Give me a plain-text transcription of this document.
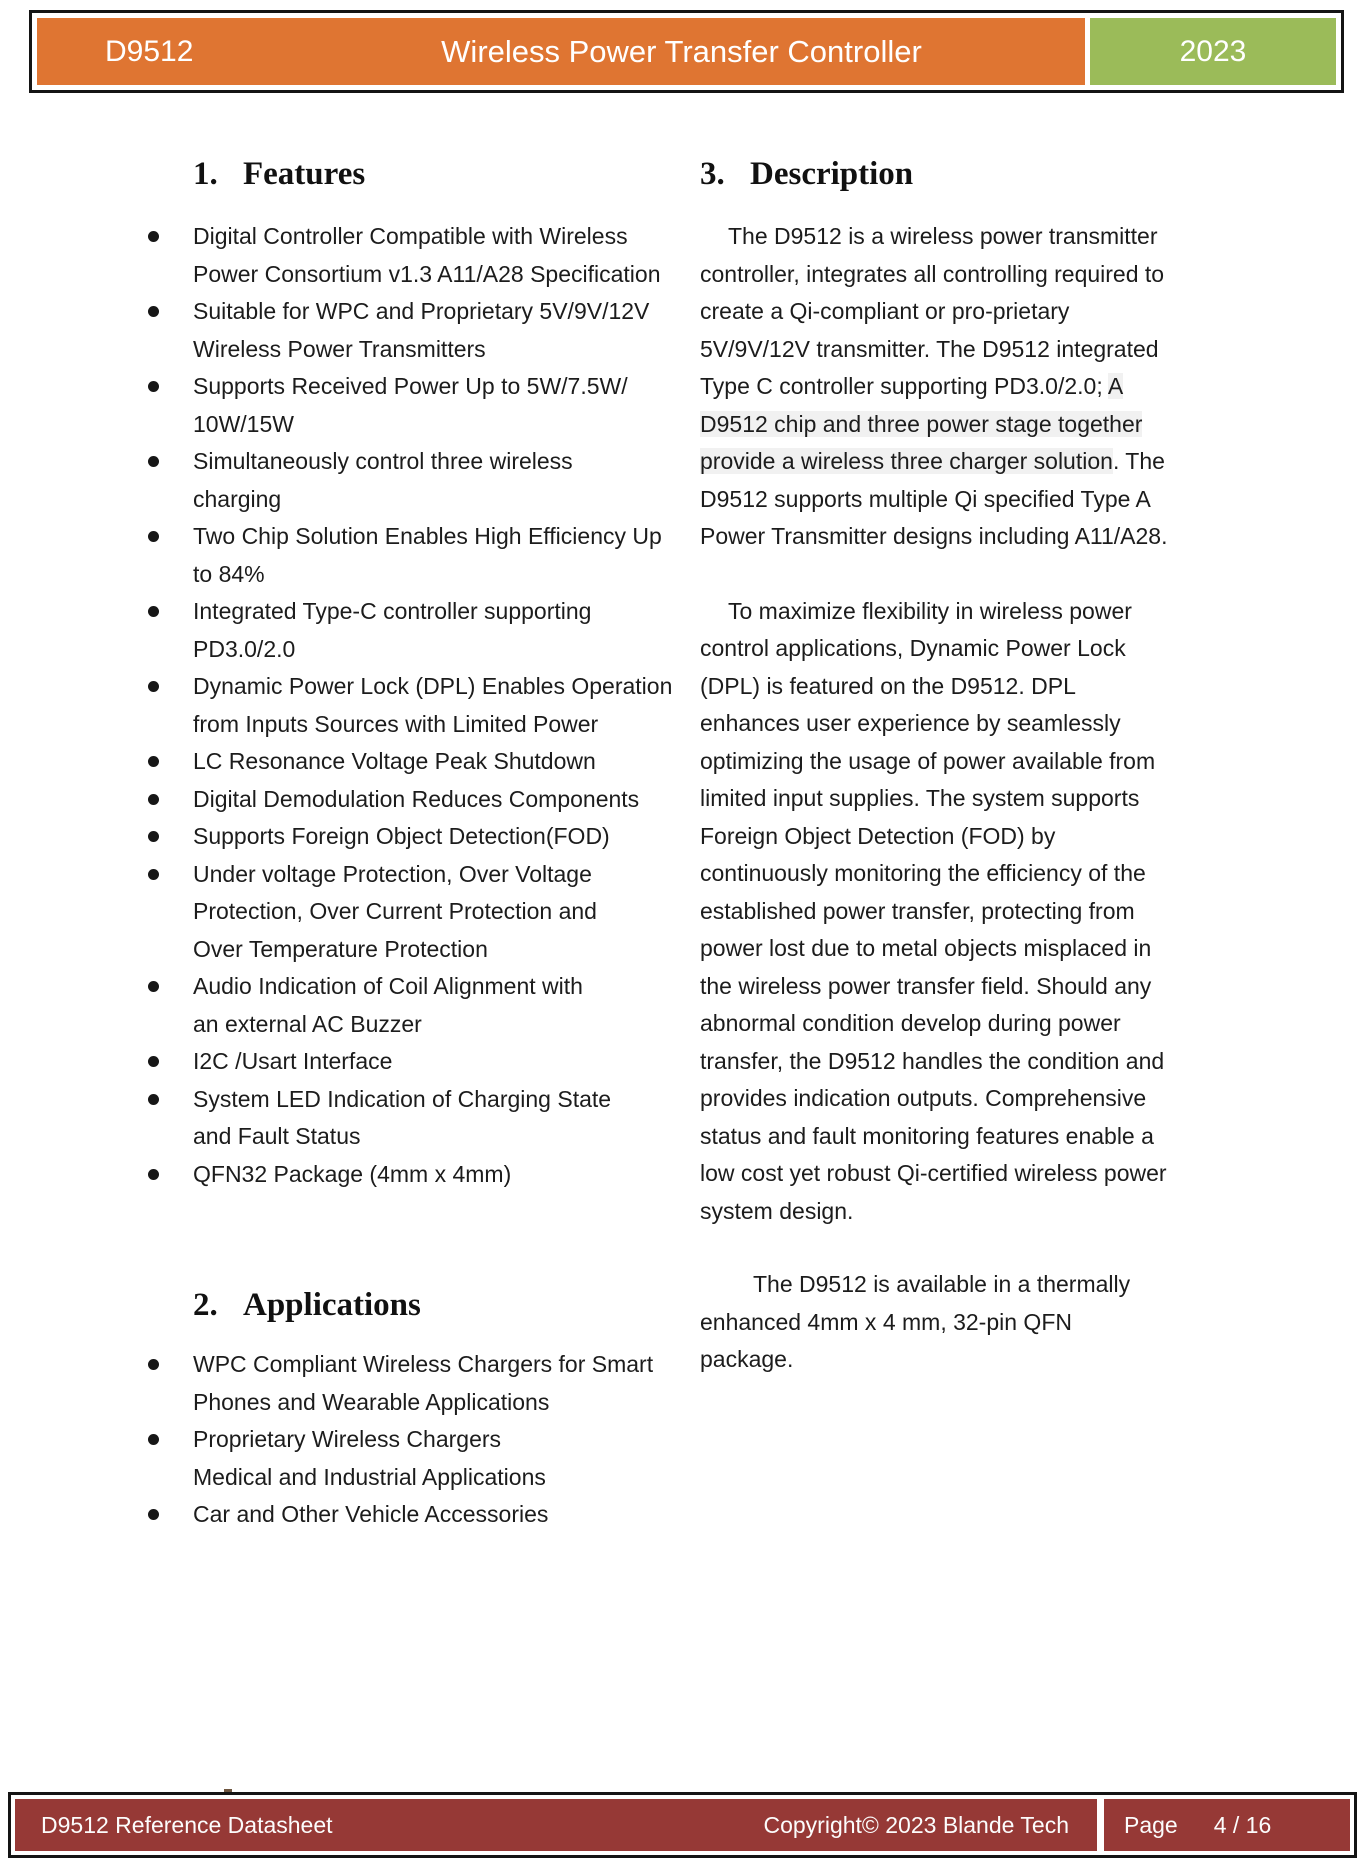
2023
Wireless Power Transfer Controller
D9512
1. Features
Digital Controller Compatible with Wireless
Power Consortium v1.3 A11/A28 Specification
Suitable for WPC and Proprietary 5V/9V/12V
Wireless Power Transmitters
Supports Received Power Up to 5W/7.5W/
10W/15W
Simultaneously control three wireless
charging
Two Chip Solution Enables High Efficiency Up
to 84%
Integrated Type-C controller supporting
PD3.0/2.0
Dynamic Power Lock (DPL) Enables Operation
from Inputs Sources with Limited Power
LC Resonance Voltage Peak Shutdown
Digital Demodulation Reduces Components
Supports Foreign Object Detection(FOD)
Under voltage Protection, Over Voltage
Protection, Over Current Protection and
Over Temperature Protection
Audio Indication of Coil Alignment with
an external AC Buzzer
I2C /Usart Interface
System LED Indication of Charging State
and Fault Status
QFN32 Package (4mm x 4mm)
2. Applications
WPC Compliant Wireless Chargers for Smart
Phones and Wearable Applications
Proprietary Wireless Chargers
Medical and Industrial Applications
Car and Other Vehicle Accessories
3. Description

The D9512 is a wireless power transmitter controller, integrates all controlling required to create a Qi-compliant or pro-prietary 5V/9V/12V transmitter. The D9512 integrated Type C controller supporting PD3.0/2.0; A D9512 chip and three power stage together provide a wireless three charger solution. The D9512 supports multiple Qi specified Type A Power Transmitter designs including A11/A28.

To maximize flexibility in wireless power control applications, Dynamic Power Lock (DPL) is featured on the D9512. DPL enhances user experience by seamlessly optimizing the usage of power available from limited input supplies. The system supports Foreign Object Detection (FOD) by continuously monitoring the efficiency of the established power transfer, protecting from power lost due to metal objects misplaced in the wireless power transfer field. Should any abnormal condition develop during power transfer, the D9512 handles the condition and provides indication outputs. Comprehensive status and fault monitoring features enable a low cost yet robust Qi-certified wireless power system design.

The D9512 is available in a thermally enhanced 4mm x 4 mm, 32-pin QFN package.

D9512 Reference Datasheet	Copyright© 2023 Blande Tech	Page 4 / 16
